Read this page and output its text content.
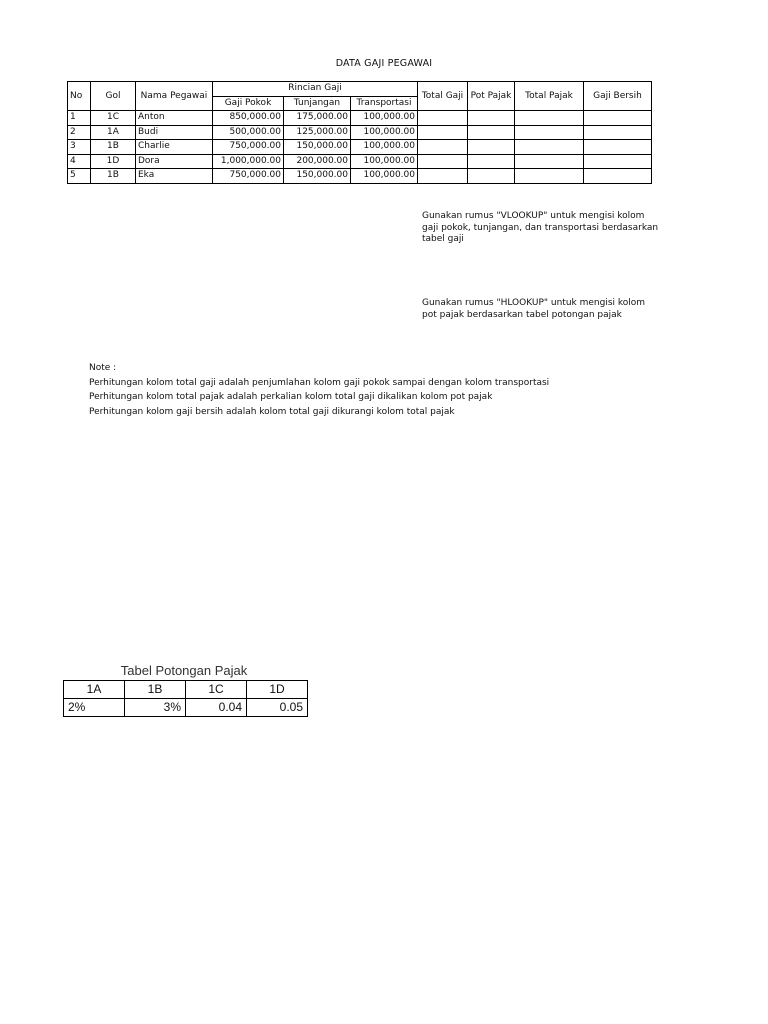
DATA GAJI PEGAWAI
No	Gol	Nama Pegawai	Rincian Gaji			Total Gaji	Pot Pajak	Total Pajak	Gaji Bersih
			Gaji Pokok	Tunjangan	Transportasi				
1	1C	Anton	850,000.00	175,000.00	100,000.00				
2	1A	Budi	500,000.00	125,000.00	100,000.00				
3	1B	Charlie	750,000.00	150,000.00	100,000.00				
4	1D	Dora	1,000,000.00	200,000.00	100,000.00				
5	1B	Eka	750,000.00	150,000.00	100,000.00				
Gunakan rumus "VLOOKUP" untuk mengisi kolom gaji pokok, tunjangan, dan transportasi berdasarkan tabel gaji
Gunakan rumus "HLOOKUP" untuk mengisi kolom pot pajak berdasarkan tabel potongan pajak
Note :
Perhitungan kolom total gaji adalah penjumlahan kolom gaji pokok sampai dengan kolom transportasi
Perhitungan kolom total pajak adalah perkalian kolom total gaji dikalikan kolom pot pajak
Perhitungan kolom gaji bersih adalah kolom total gaji dikurangi kolom total pajak
Tabel Potongan Pajak
1A	1B	1C	1D
2%	3%	0.04	0.05
